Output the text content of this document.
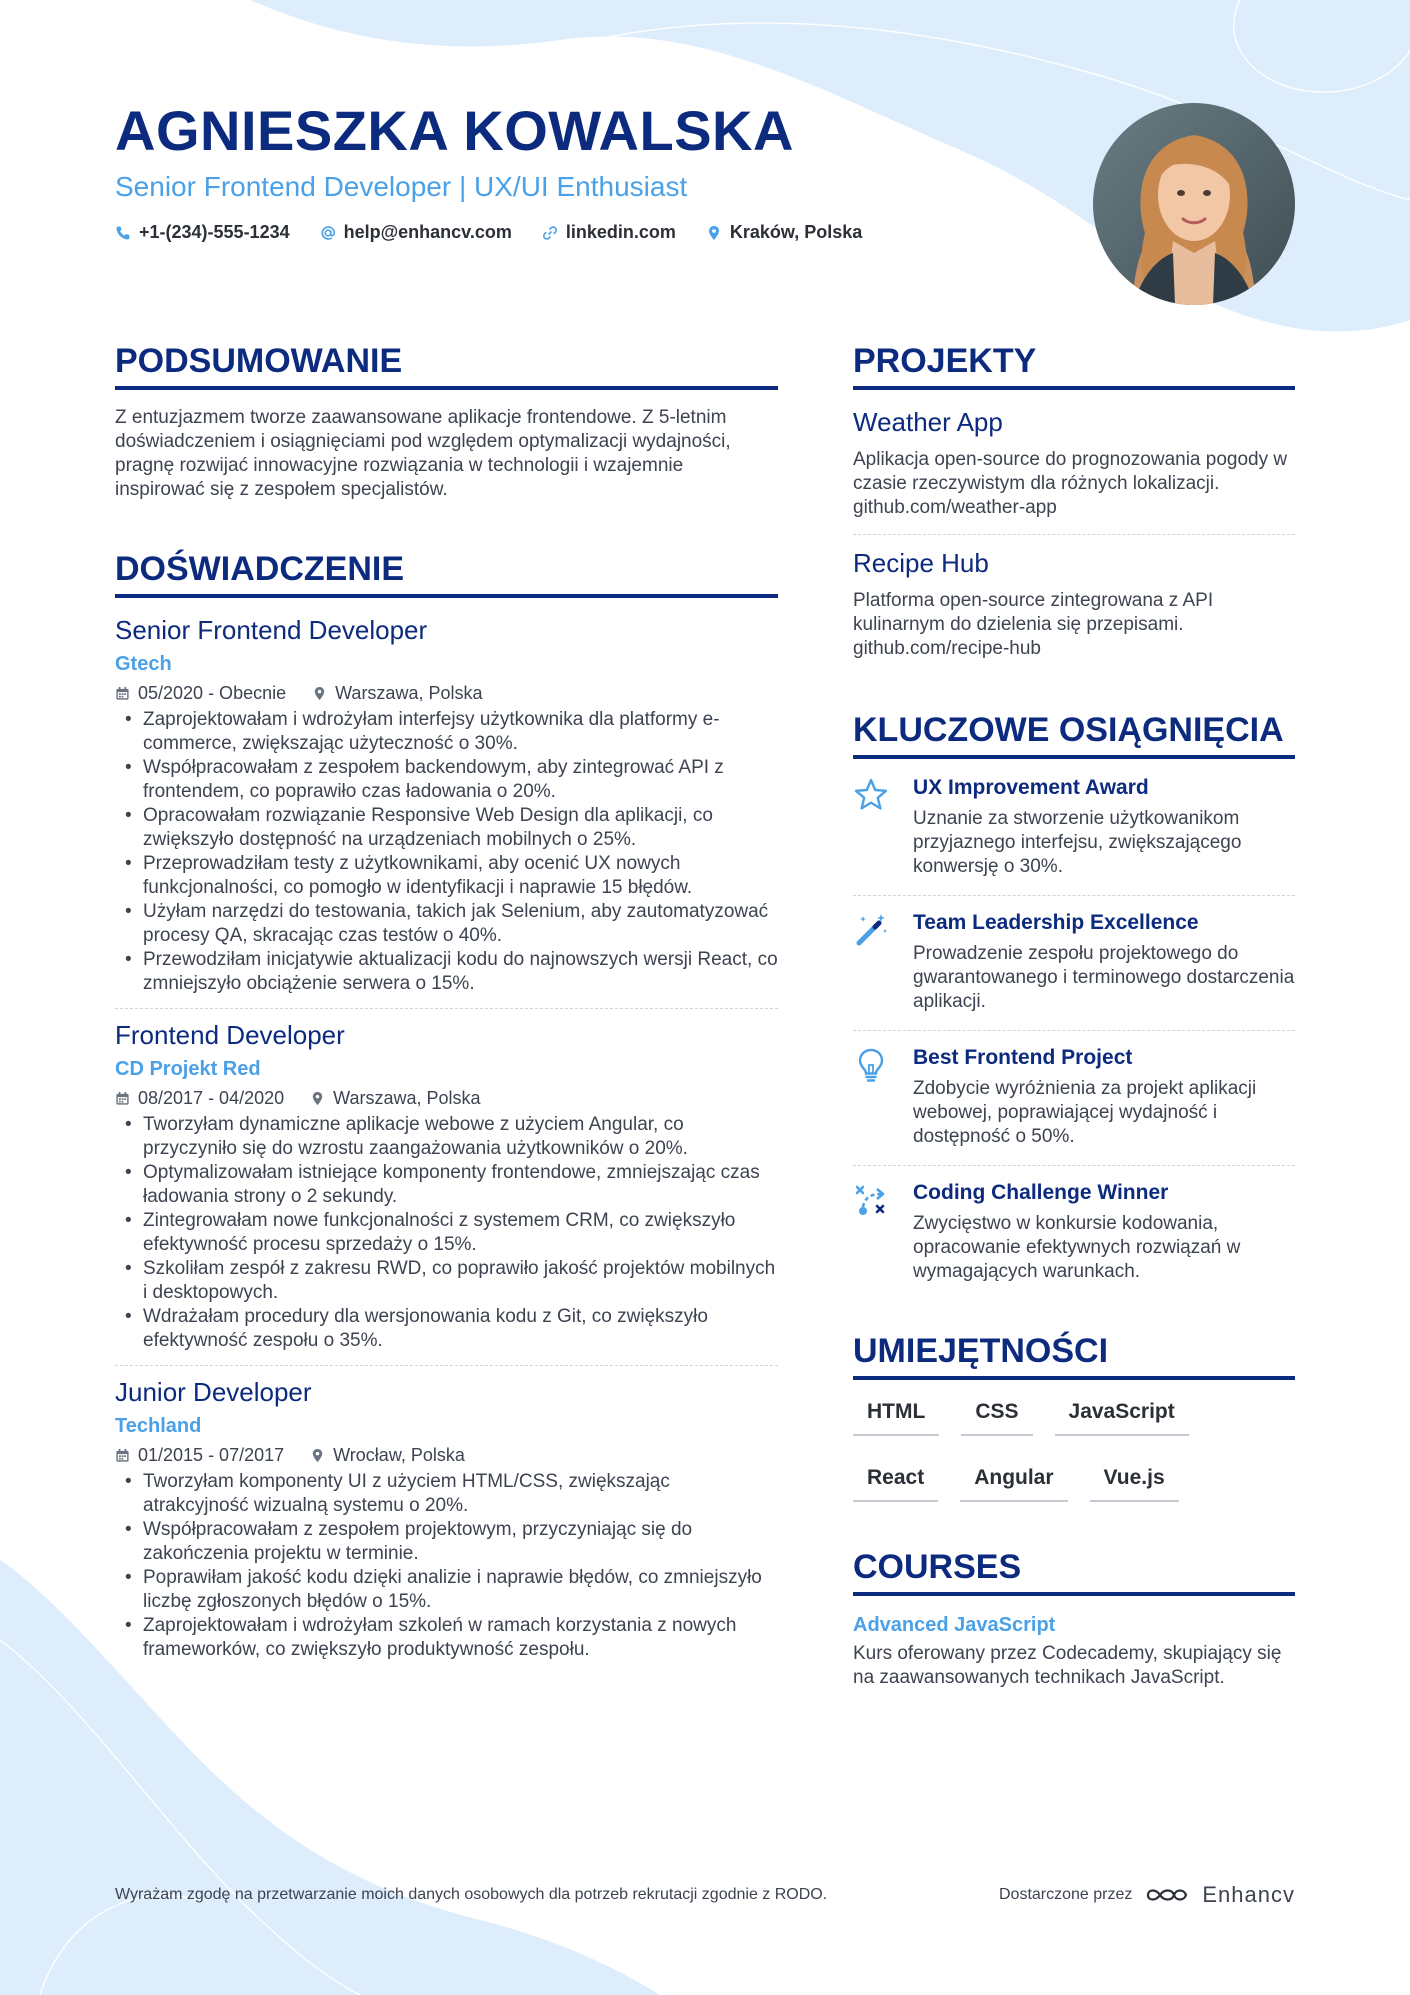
AGNIESZKA KOWALSKA
Senior Frontend Developer | UX/UI Enthusiast
+1-(234)-555-1234	help@enhancv.com	linkedin.com	Kraków, Polska
PODSUMOWANIE
Z entuzjazmem tworze zaawansowane aplikacje frontendowe. Z 5-letnim doświadczeniem i osiągnięciami pod względem optymalizacji wydajności, pragnę rozwijać innowacyjne rozwiązania w technologii i wzajemnie inspirować się z zespołem specjalistów.
DOŚWIADCZENIE
Senior Frontend Developer
Gtech
05/2020 - Obecnie	Warszawa, Polska
• Zaprojektowałam i wdrożyłam interfejsy użytkownika dla platformy e-commerce, zwiększając użyteczność o 30%.
• Współpracowałam z zespołem backendowym, aby zintegrować API z frontendem, co poprawiło czas ładowania o 20%.
• Opracowałam rozwiązanie Responsive Web Design dla aplikacji, co zwiększyło dostępność na urządzeniach mobilnych o 25%.
• Przeprowadziłam testy z użytkownikami, aby ocenić UX nowych funkcjonalności, co pomogło w identyfikacji i naprawie 15 błędów.
• Użyłam narzędzi do testowania, takich jak Selenium, aby zautomatyzować procesy QA, skracając czas testów o 40%.
• Przewodziłam inicjatywie aktualizacji kodu do najnowszych wersji React, co zmniejszyło obciążenie serwera o 15%.
Frontend Developer
CD Projekt Red
08/2017 - 04/2020	Warszawa, Polska
• Tworzyłam dynamiczne aplikacje webowe z użyciem Angular, co przyczyniło się do wzrostu zaangażowania użytkowników o 20%.
• Optymalizowałam istniejące komponenty frontendowe, zmniejszając czas ładowania strony o 2 sekundy.
• Zintegrowałam nowe funkcjonalności z systemem CRM, co zwiększyło efektywność procesu sprzedaży o 15%.
• Szkoliłam zespół z zakresu RWD, co poprawiło jakość projektów mobilnych i desktopowych.
• Wdrażałam procedury dla wersjonowania kodu z Git, co zwiększyło efektywność zespołu o 35%.
Junior Developer
Techland
01/2015 - 07/2017	Wrocław, Polska
• Tworzyłam komponenty UI z użyciem HTML/CSS, zwiększając atrakcyjność wizualną systemu o 20%.
• Współpracowałam z zespołem projektowym, przyczyniając się do zakończenia projektu w terminie.
• Poprawiłam jakość kodu dzięki analizie i naprawie błędów, co zmniejszyło liczbę zgłoszonych błędów o 15%.
• Zaprojektowałam i wdrożyłam szkoleń w ramach korzystania z nowych frameworków, co zwiększyło produktywność zespołu.
PROJEKTY
Weather App
Aplikacja open-source do prognozowania pogody w czasie rzeczywistym dla różnych lokalizacji. github.com/weather-app
Recipe Hub
Platforma open-source zintegrowana z API kulinarnym do dzielenia się przepisami. github.com/recipe-hub
KLUCZOWE OSIĄGNIĘCIA
UX Improvement Award
Uznanie za stworzenie użytkowanikom przyjaznego interfejsu, zwiększającego konwersję o 30%.
Team Leadership Excellence
Prowadzenie zespołu projektowego do gwarantowanego i terminowego dostarczenia aplikacji.
Best Frontend Project
Zdobycie wyróżnienia za projekt aplikacji webowej, poprawiającej wydajność i dostępność o 50%.
Coding Challenge Winner
Zwycięstwo w konkursie kodowania, opracowanie efektywnych rozwiązań w wymagających warunkach.
UMIEJĘTNOŚCI
HTML	CSS	JavaScript
React	Angular	Vue.js
COURSES
Advanced JavaScript
Kurs oferowany przez Codecademy, skupiający się na zaawansowanych technikach JavaScript.
Wyrażam zgodę na przetwarzanie moich danych osobowych dla potrzeb rekrutacji zgodnie z RODO.	Dostarczone przez	Enhancv
